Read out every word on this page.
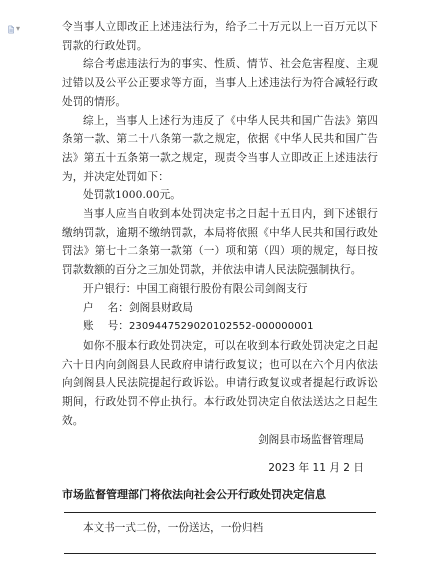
▾	令当事人立即改正上述违法行为，给予二十万元以上一百万元以下罚款的行政处罚。

综合考虑违法行为的事实、性质、情节、社会危害程度、主观过错以及公平公正要求等方面，当事人上述违法行为符合减轻行政处罚的情形。

综上，当事人上述行为违反了《中华人民共和国广告法》第四条第一款、第二十八条第一款之规定，依据《中华人民共和国广告法》第五十五条第一款之规定，现责令当事人立即改正上述违法行为，并决定处罚如下：

处罚款1000.00元。

当事人应当自收到本处罚决定书之日起十五日内，到下述银行缴纳罚款，逾期不缴纳罚款，本局将依照《中华人民共和国行政处罚法》第七十二条第一款第（一）项和第（四）项的规定，每日按罚款数额的百分之三加处罚款，并依法申请人民法院强制执行。

开户银行：中国工商银行股份有限公司剑阁支行

户    名：剑阁县财政局

账    号：2309447529020102552-000000001

如你不服本行政处罚决定，可以在收到本行政处罚决定之日起六十日内向剑阁县人民政府申请行政复议；也可以在六个月内依法向剑阁县人民法院提起行政诉讼。申请行政复议或者提起行政诉讼期间，行政处罚不停止执行。本行政处罚决定自依法送达之日起生效。

剑阁县市场监督管理局
2023 年 11 月 2 日
市场监督管理部门将依法向社会公开行政处罚决定信息
本文书一式二份，一份送达，一份归档
